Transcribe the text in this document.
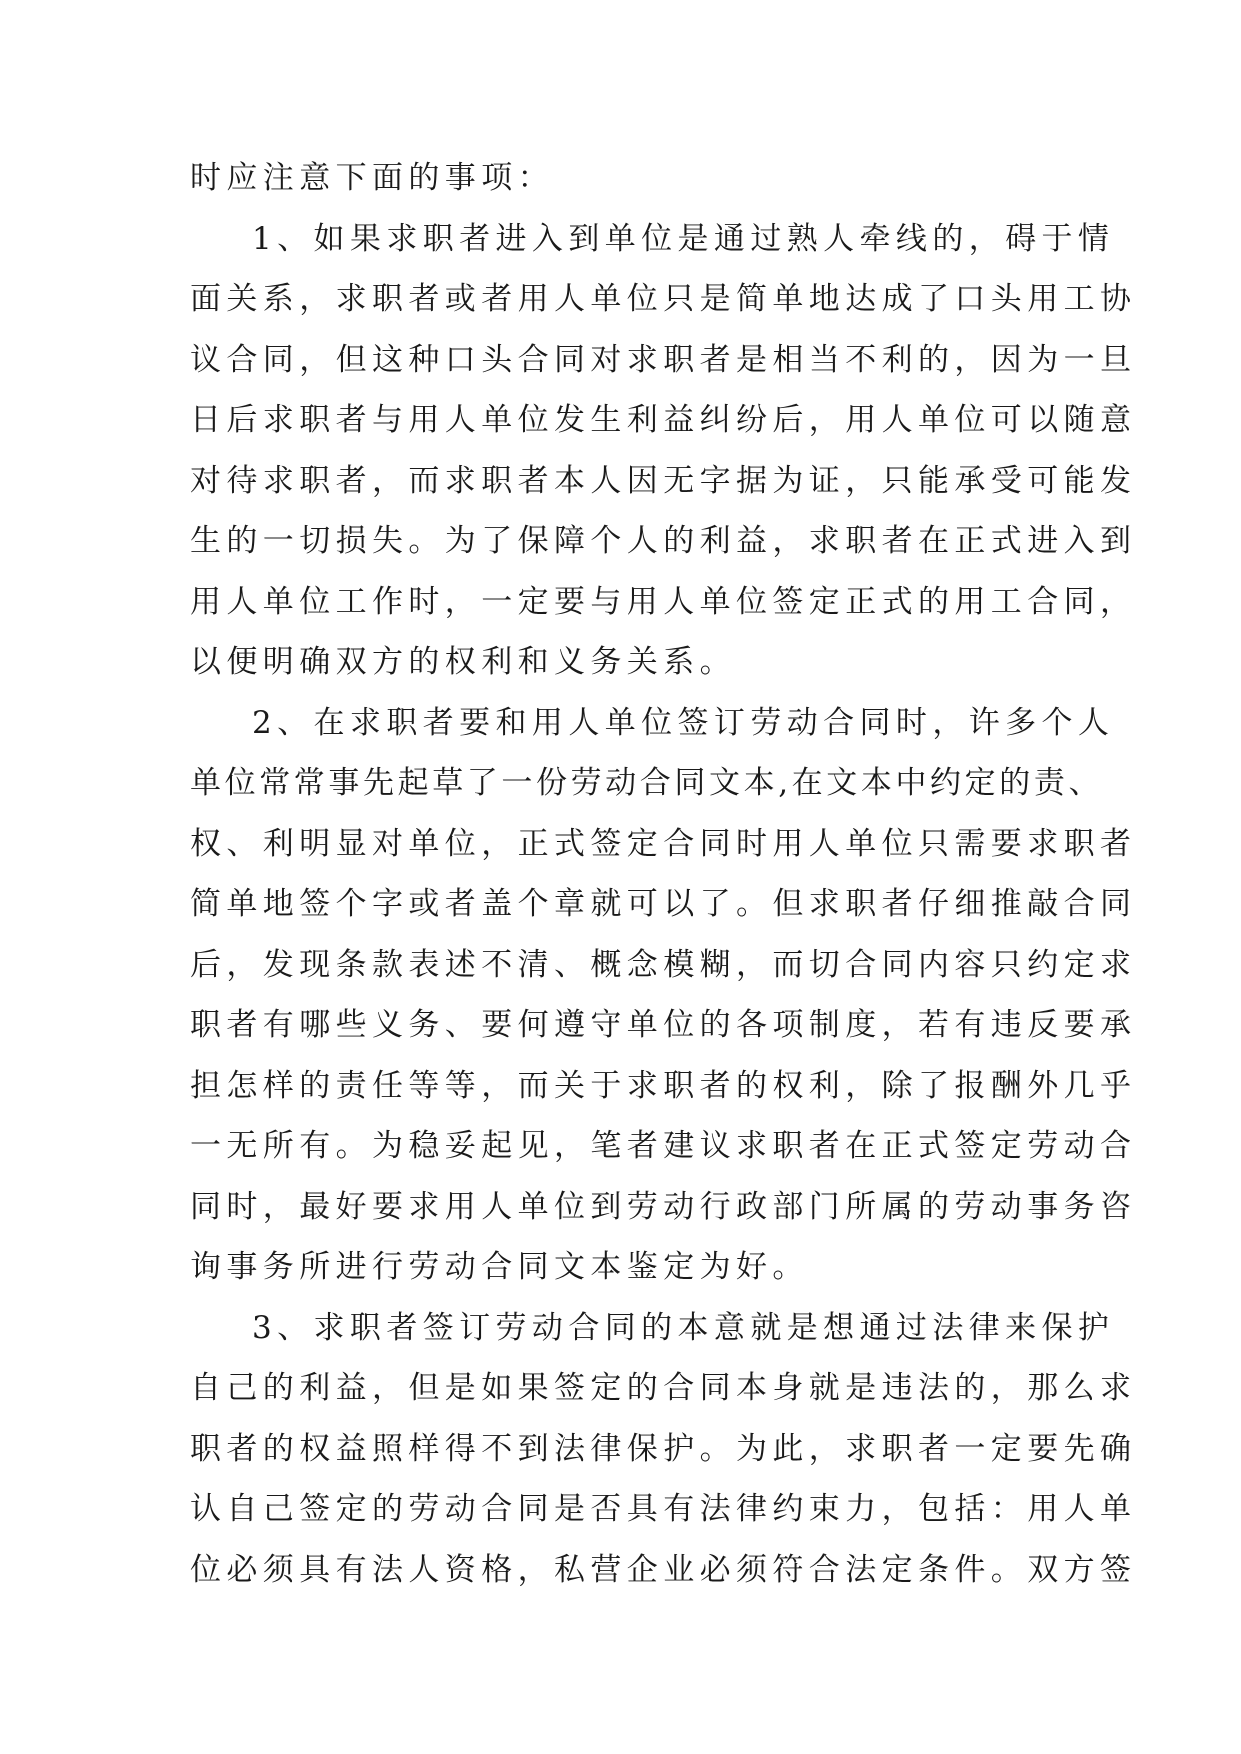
时应注意下面的事项：
1、如果求职者进入到单位是通过熟人牵线的，碍于情
面关系，求职者或者用人单位只是简单地达成了口头用工协
议合同，但这种口头合同对求职者是相当不利的，因为一旦
日后求职者与用人单位发生利益纠纷后，用人单位可以随意
对待求职者，而求职者本人因无字据为证，只能承受可能发
生的一切损失。为了保障个人的利益，求职者在正式进入到
用人单位工作时，一定要与用人单位签定正式的用工合同，
以便明确双方的权利和义务关系。
2、在求职者要和用人单位签订劳动合同时，许多个人
单位常常事先起草了一份劳动合同文本,在文本中约定的责、
权、利明显对单位，正式签定合同时用人单位只需要求职者
简单地签个字或者盖个章就可以了。但求职者仔细推敲合同
后，发现条款表述不清、概念模糊，而切合同内容只约定求
职者有哪些义务、要何遵守单位的各项制度，若有违反要承
担怎样的责任等等，而关于求职者的权利，除了报酬外几乎
一无所有。为稳妥起见，笔者建议求职者在正式签定劳动合
同时，最好要求用人单位到劳动行政部门所属的劳动事务咨
询事务所进行劳动合同文本鉴定为好。
3、求职者签订劳动合同的本意就是想通过法律来保护
自己的利益，但是如果签定的合同本身就是违法的，那么求
职者的权益照样得不到法律保护。为此，求职者一定要先确
认自己签定的劳动合同是否具有法律约束力，包括：用人单
位必须具有法人资格，私营企业必须符合法定条件。双方签
